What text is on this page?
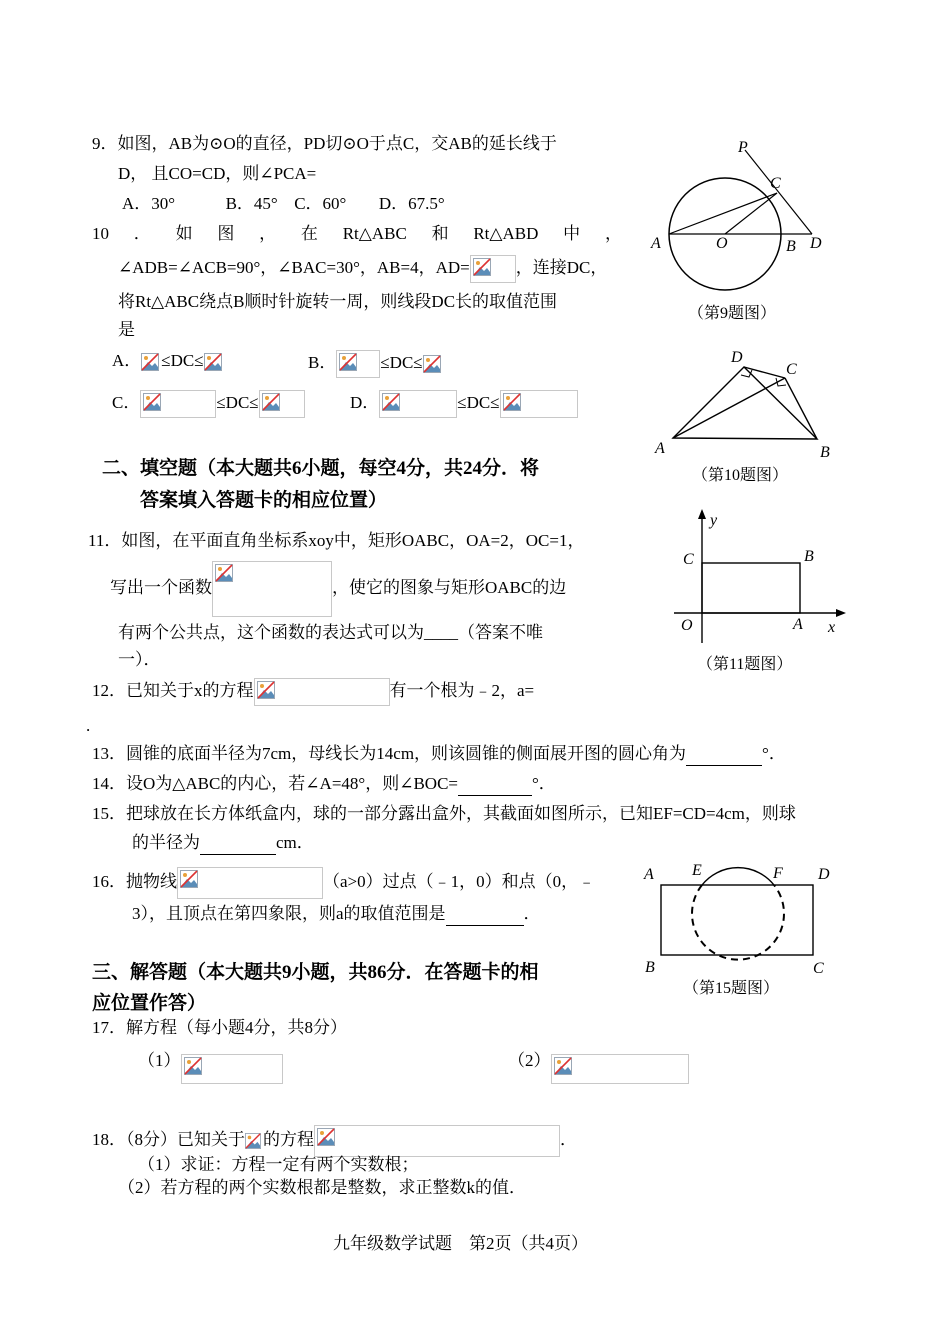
9．如图，AB为⊙O的直径，PD切⊙O于点C，交AB的延长线于
D， 且CO=CD，则∠PCA=
A．30°	B．45° C．60° D．67.5°
P
C
A	O	B D
（第9题图）
10 ． 如 图 ， 在 Rt△ABC 和 Rt△ABD 中 ，
∠ADB=∠ACB=90°，∠BAC=30°，AB=4，AD=	，连接DC，
将Rt△ABC绕点B顺时针旋转一周，则线段DC长的取值范围
是
A． ≤DC≤	B．	≤DC≤
C．	≤DC≤	D．	≤DC≤
D
C
A	B
（第10题图）
二、填空题（本大题共6小题，每空4分，共24分．将
答案填入答题卡的相应位置）
11．如图，在平面直角坐标系xoy中，矩形OABC，OA=2，OC=1，
写出一个函数	，使它的图象与矩形OABC的边
有两个公共点，这个函数的表达式可以为____（答案不唯
一）．
y
C	B
O	A x
（第11题图）
12．已知关于x的方程	有一个根为﹣2，a=
.
13．圆锥的底面半径为7cm，母线长为14cm，则该圆锥的侧面展开图的圆心角为	°．
14．设O为△ABC的内心，若∠A=48°，则∠BOC=	°．
15．把球放在长方体纸盒内，球的一部分露出盒外，其截面如图所示，已知EF=CD=4cm，则球
的半径为	cm．
A E	F D
B	C
（第15题图）
16．抛物线	（a>0）过点（﹣1，0）和点（0，﹣
3），且顶点在第四象限，则a的取值范围是	．
三、解答题（本大题共9小题，共86分．在答题卡的相
应位置作答）
17．解方程（每小题4分，共8分）
（1）	（2）
18．（8分）已知关于 的方程	．
（1）求证：方程一定有两个实数根；
（2）若方程的两个实数根都是整数，求正整数k的值．
九年级数学试题　第2页（共4页）
